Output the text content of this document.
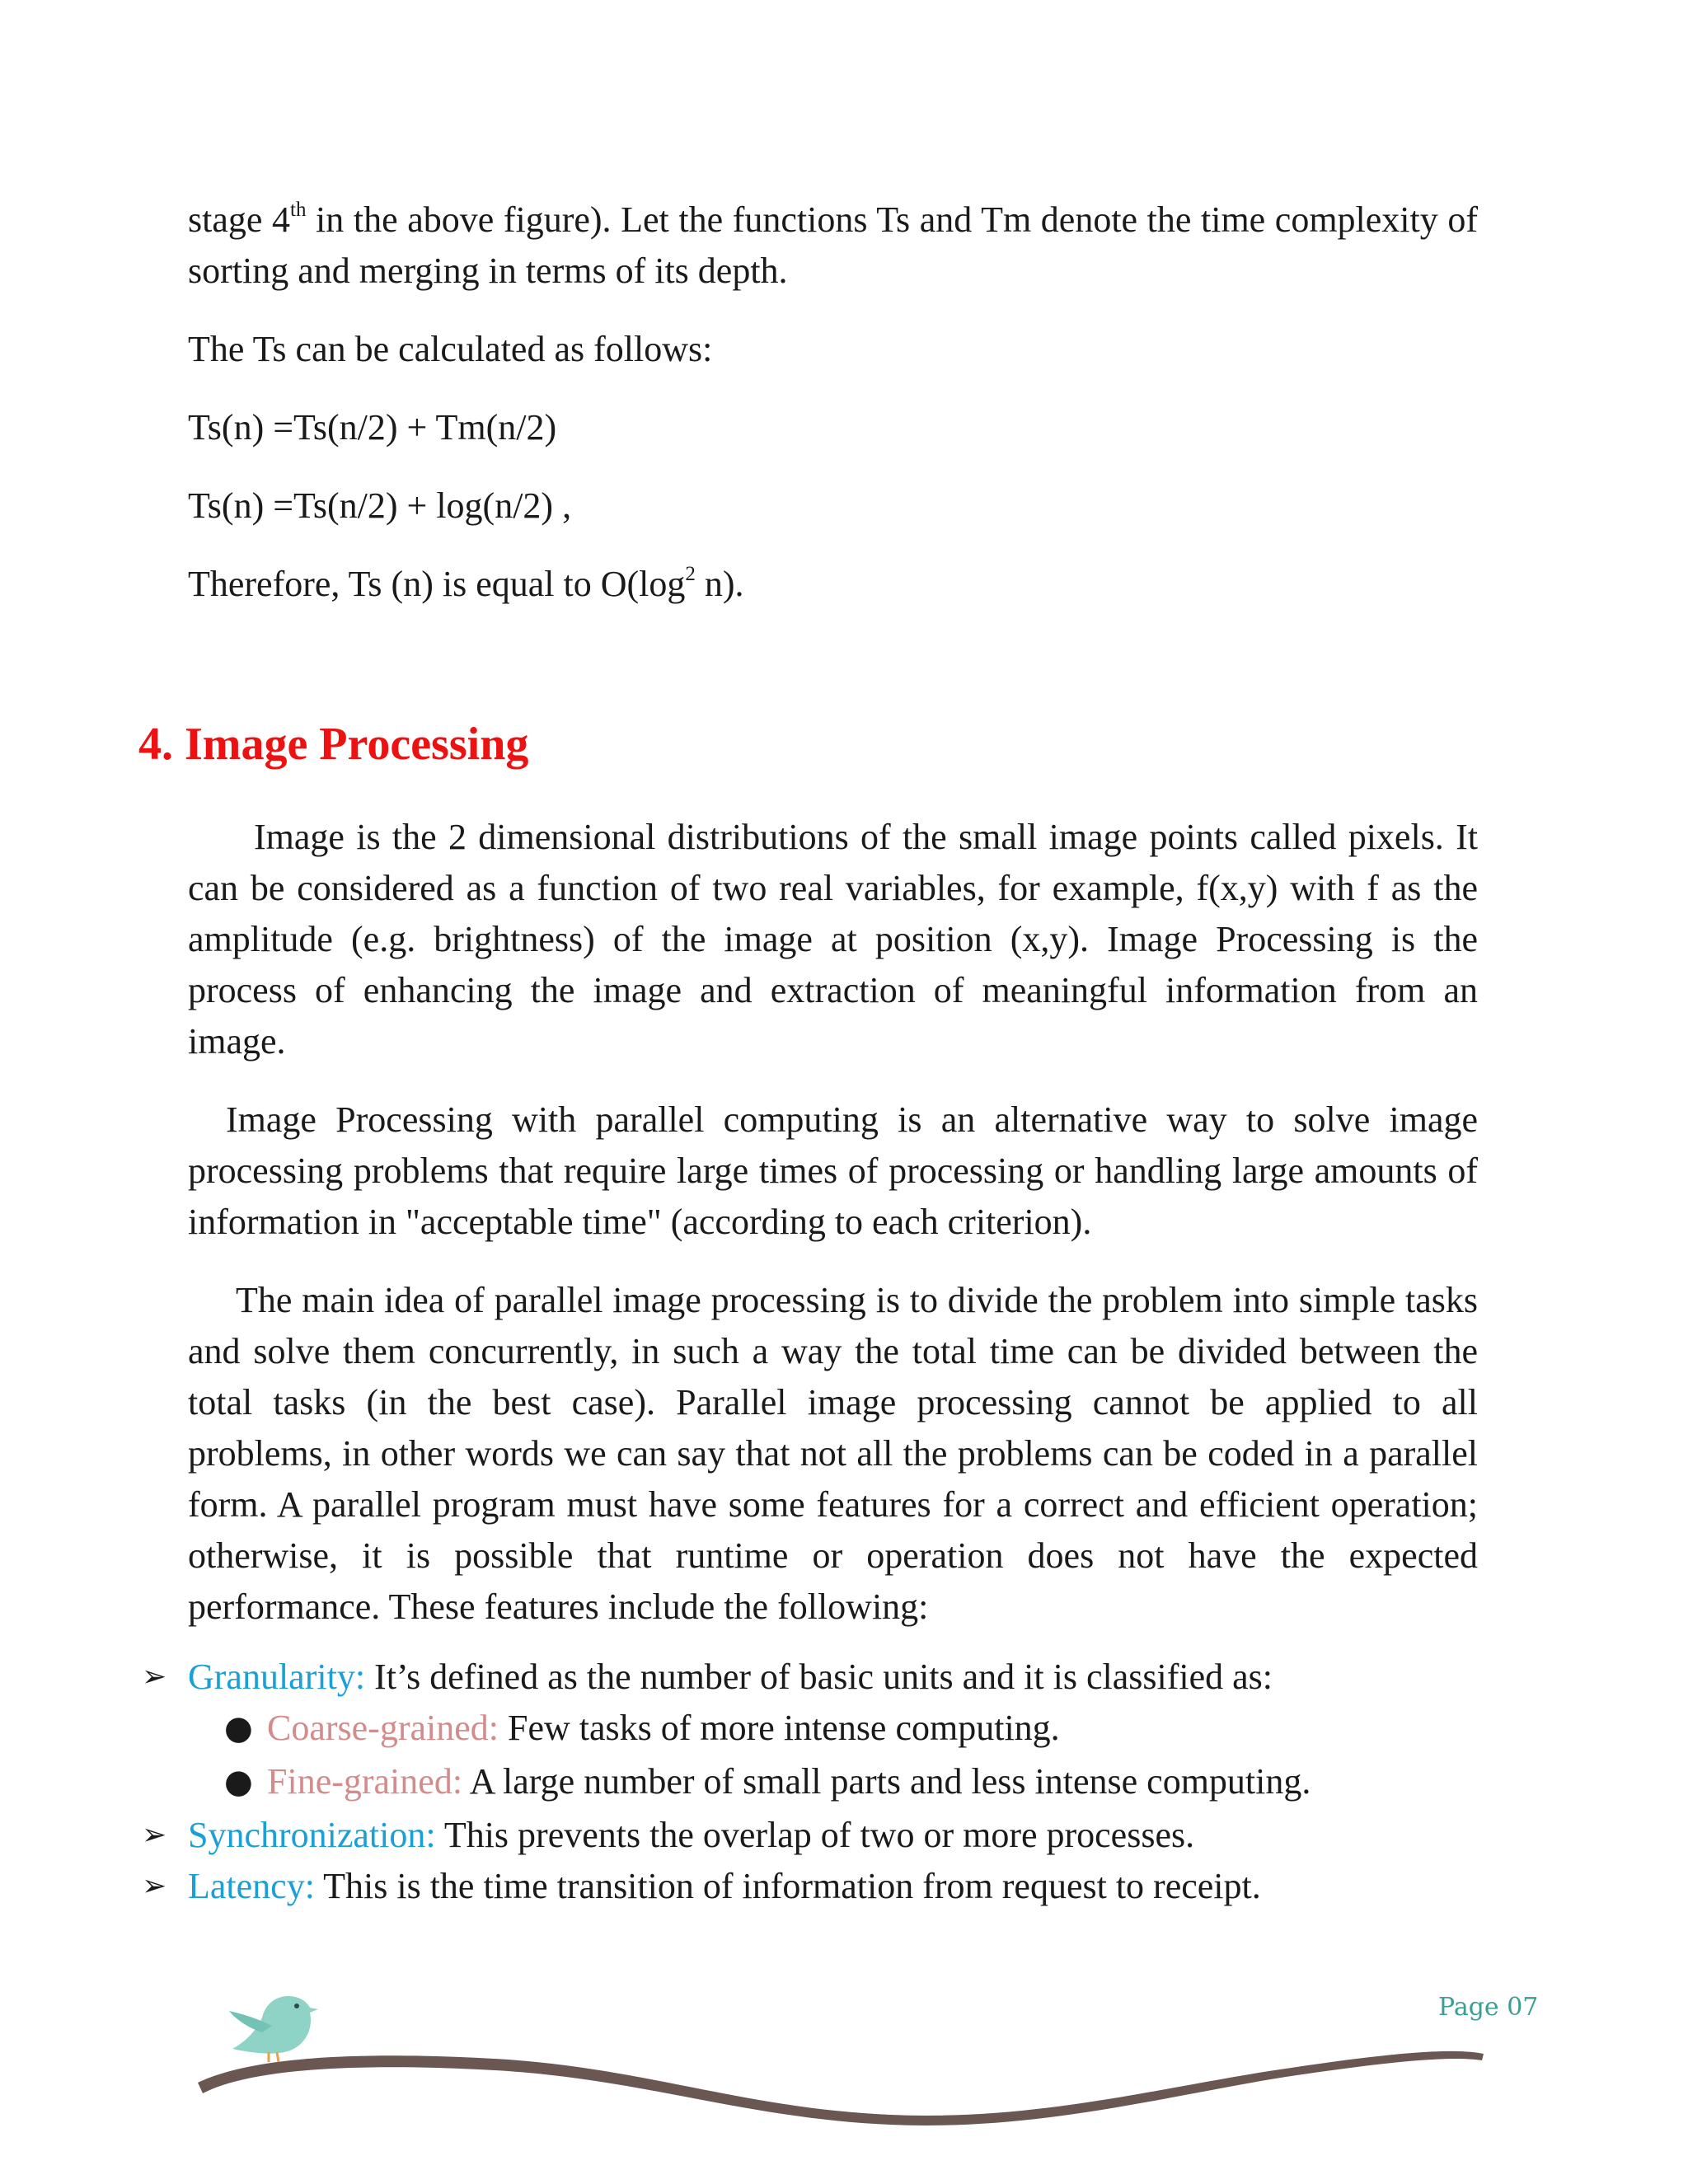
stage 4th in the above figure). Let the functions Ts and Tm denote the time complexity of sorting and merging in terms of its depth.

The Ts can be calculated as follows:

Ts(n) =Ts(n/2) + Tm(n/2)

Ts(n) =Ts(n/2) + log(n/2) ,

Therefore, Ts (n) is equal to $O(\log^2$ n).

4. Image Processing

Image is the 2 dimensional distributions of the small image points called pixels. It can be considered as a function of two real variables, for example, f(x,y) with f as the amplitude (e.g. brightness) of the image at position (x,y). Image Processing is the process of enhancing the image and extraction of meaningful information from an image.

Image Processing with parallel computing is an alternative way to solve image processing problems that require large times of processing or handling large amounts of information in "acceptable time" (according to each criterion).

The main idea of parallel image processing is to divide the problem into simple tasks and solve them concurrently, in such a way the total time can be divided between the total tasks (in the best case). Parallel image processing cannot be applied to all problems, in other words we can say that not all the problems can be coded in a parallel form. A parallel program must have some features for a correct and efficient operation; otherwise, it is possible that runtime or operation does not have the expected performance. These features include the following:

➢ Granularity: It’s defined as the number of basic units and it is classified as:
● Coarse-grained: Few tasks of more intense computing.
● Fine-grained: A large number of small parts and less intense computing.
➢ Synchronization: This prevents the overlap of two or more processes.
➢ Latency: This is the time transition of information from request to receipt.
Page 07
